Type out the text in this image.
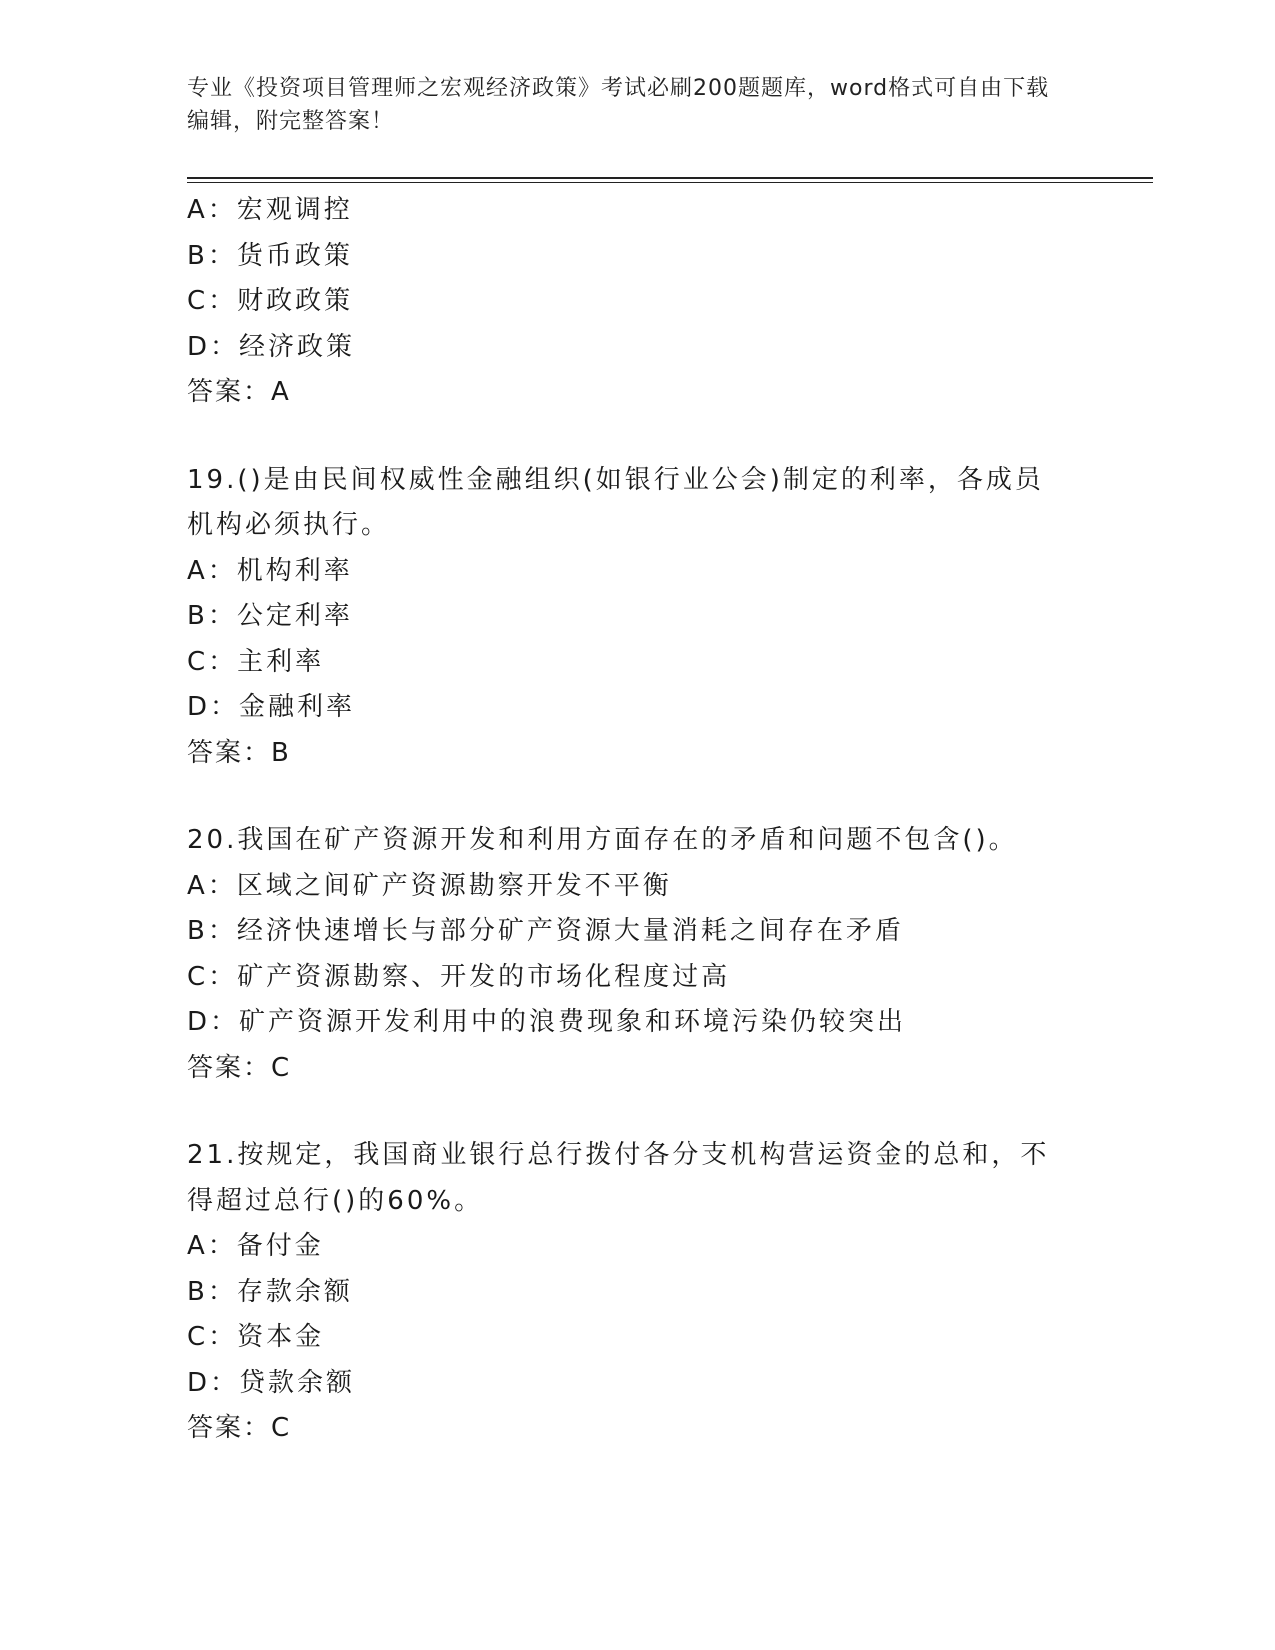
专业《投资项目管理师之宏观经济政策》考试必刷200题题库，word格式可自由下载编辑，附完整答案！
A：宏观调控
B：货币政策
C：财政政策
D：经济政策
答案：A
19.()是由民间权威性金融组织(如银行业公会)制定的利率，各成员机构必须执行。
A：机构利率
B：公定利率
C：主利率
D：金融利率
答案：B
20.我国在矿产资源开发和利用方面存在的矛盾和问题不包含()。
A：区域之间矿产资源勘察开发不平衡
B：经济快速增长与部分矿产资源大量消耗之间存在矛盾
C：矿产资源勘察、开发的市场化程度过高
D：矿产资源开发利用中的浪费现象和环境污染仍较突出
答案：C
21.按规定，我国商业银行总行拨付各分支机构营运资金的总和，不得超过总行()的60%。
A：备付金
B：存款余额
C：资本金
D：贷款余额
答案：C
